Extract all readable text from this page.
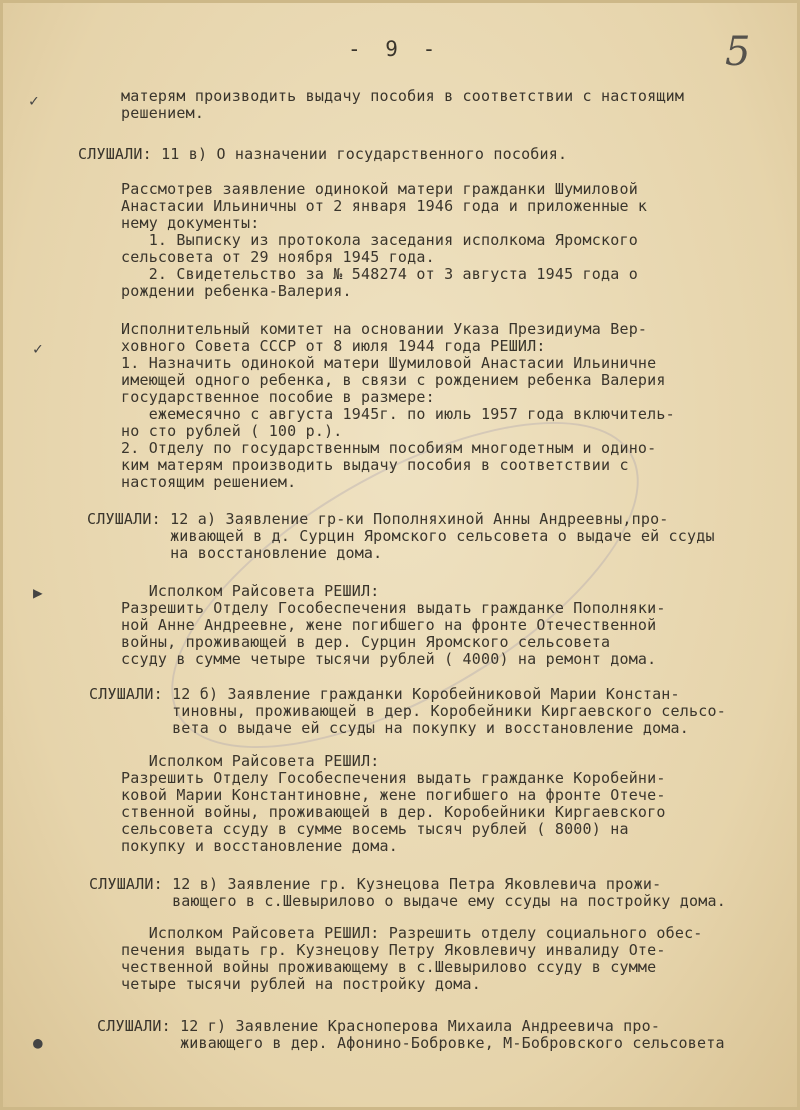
- 9 -	5
✓
✓
▶
●
матерям производить выдачу пособия в соответствии с настоящим
решением.
СЛУШАЛИ: 11 в) О назначении государственного пособия.
Рассмотрев заявление одинокой матери гражданки Шумиловой
Анастасии Ильиничны от 2 января 1946 года и приложенные к
нему документы:
1. Выписку из протокола заседания исполкома Яромского
сельсовета от 29 ноября 1945 года.
2. Свидетельство за № 548274 от 3 августа 1945 года о
рождении ребенка-Валерия.
Исполнительный комитет на основании Указа Президиума Вер-
ховного Совета СССР от 8 июля 1944 года РЕШИЛ:
1. Назначить одинокой матери Шумиловой Анастасии Ильиничне
имеющей одного ребенка, в связи с рождением ребенка Валерия
государственное пособие в размере:
ежемесячно с августа 1945г. по июль 1957 года включитель-
но сто рублей ( 100 р.).
2. Отделу по государственным пособиям многодетным и одино-
ким матерям производить выдачу пособия в соответствии с
настоящим решением.
СЛУШАЛИ: 12 а) Заявление гр-ки Пополняхиной Анны Андреевны,про-
живающей в д. Сурцин Яромского сельсовета о выдаче ей ссуды
на восстановление дома.
Исполком Райсовета РЕШИЛ:
Разрешить Отделу Гособеспечения выдать гражданке Пополняки-
ной Анне Андреевне, жене погибшего на фронте Отечественной
войны, проживающей в дер. Сурцин Яромского сельсовета
ссуду в сумме четыре тысячи рублей ( 4000) на ремонт дома.
СЛУШАЛИ: 12 б) Заявление гражданки Коробейниковой Марии Констан-
тиновны, проживающей в дер. Коробейники Киргаевского сельсо-
вета о выдаче ей ссуды на покупку и восстановление дома.
Исполком Райсовета РЕШИЛ:
Разрешить Отделу Гособеспечения выдать гражданке Коробейни-
ковой Марии Константиновне, жене погибшего на фронте Отече-
ственной войны, проживающей в дер. Коробейники Киргаевского
сельсовета ссуду в сумме восемь тысяч рублей ( 8000) на
покупку и восстановление дома.
СЛУШАЛИ: 12 в) Заявление гр. Кузнецова Петра Яковлевича прожи-
вающего в с.Шевырилово о выдаче ему ссуды на постройку дома.
Исполком Райсовета РЕШИЛ: Разрешить отделу социального обес-
печения выдать гр. Кузнецову Петру Яковлевичу инвалиду Оте-
чественной войны проживающему в с.Шевырилово ссуду в сумме
четыре тысячи рублей на постройку дома.
СЛУШАЛИ: 12 г) Заявление Красноперова Михаила Андреевича про-
живающего в дер. Афонино-Бобровке, М-Бобровского сельсовета
